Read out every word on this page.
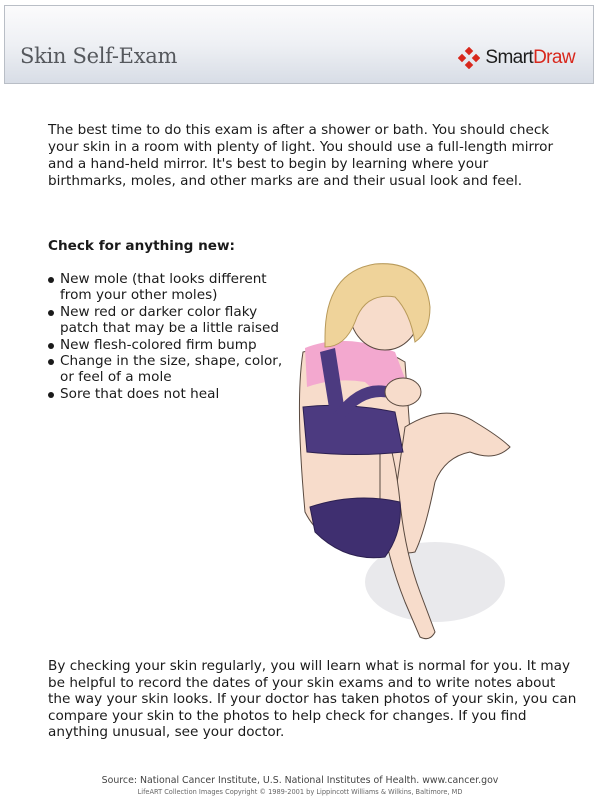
Skin Self-Exam	Smart Draw

The best time to do this exam is after a shower or bath. You should check your skin in a room with plenty of light. You should use a full-length mirror and a hand-held mirror. It's best to begin by learning where your birthmarks, moles, and other marks are and their usual look and feel.

Check for anything new:

New mole (that looks different from your other moles)
New red or darker color flaky patch that may be a little raised
New flesh-colored firm bump
Change in the size, shape, color, or feel of a mole
Sore that does not heal

By checking your skin regularly, you will learn what is normal for you. It may be helpful to record the dates of your skin exams and to write notes about the way your skin looks. If your doctor has taken photos of your skin, you can compare your skin to the photos to help check for changes. If you find anything unusual, see your doctor.

Source: National Cancer Institute, U.S. National Institutes of Health. www.cancer.gov
LifeART Collection Images Copyright © 1989-2001 by Lippincott Williams & Wilkins, Baltimore, MD
